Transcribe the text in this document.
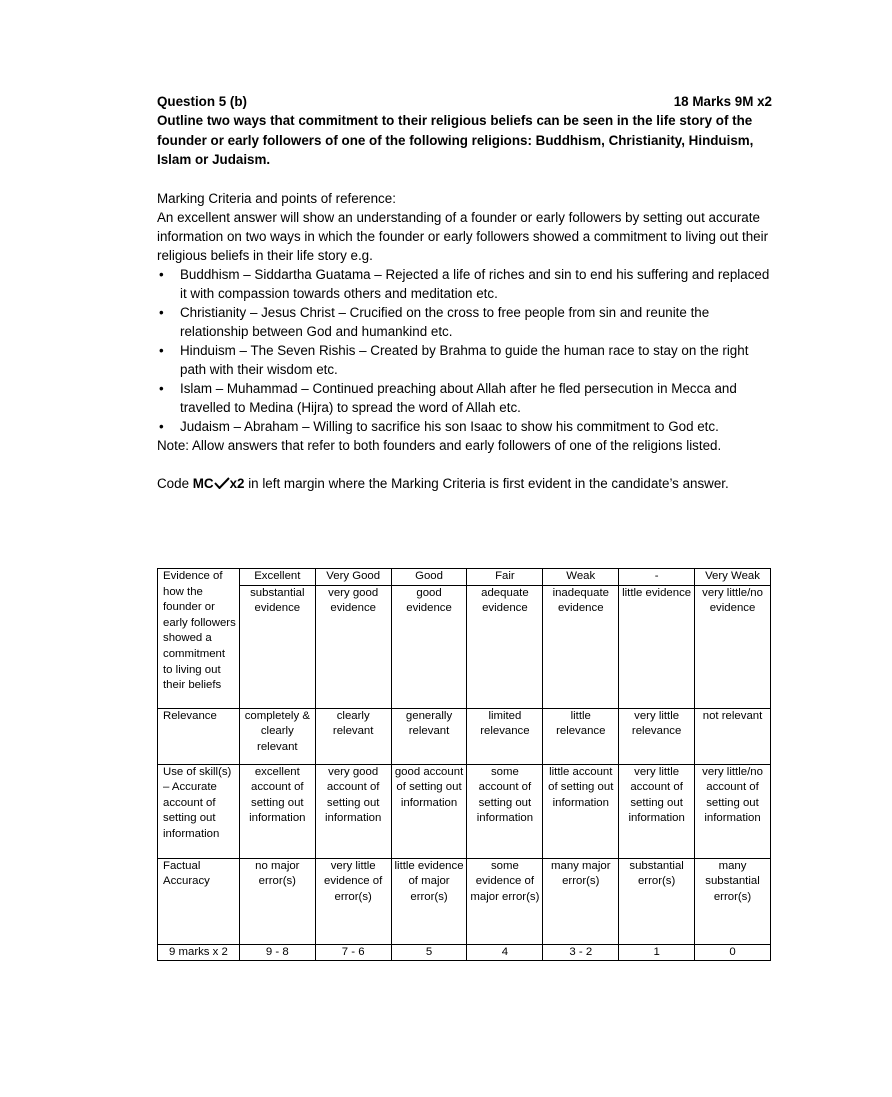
Question 5 (b)	18 Marks 9M x2

Outline two ways that commitment to their religious beliefs can be seen in the life story of the founder or early followers of one of the following religions: Buddhism, Christianity, Hinduism, Islam or Judaism.

Marking Criteria and points of reference:

An excellent answer will show an understanding of a founder or early followers by setting out accurate information on two ways in which the founder or early followers showed a commitment to living out their religious beliefs in their life story e.g.

• Buddhism – Siddartha Guatama – Rejected a life of riches and sin to end his suffering and replaced it with compassion towards others and meditation etc.
• Christianity – Jesus Christ – Crucified on the cross to free people from sin and reunite the relationship between God and humankind etc.
• Hinduism – The Seven Rishis – Created by Brahma to guide the human race to stay on the right path with their wisdom etc.
• Islam – Muhammad – Continued preaching about Allah after he fled persecution in Mecca and travelled to Medina (Hijra) to spread the word of Allah etc.
• Judaism – Abraham – Willing to sacrifice his son Isaac to show his commitment to God etc.

Note: Allow answers that refer to both founders and early followers of one of the religions listed.

Code MC x2 in left margin where the Marking Criteria is first evident in the candidate’s answer.

Evidence of how the founder or early followers showed a commitment to living out their beliefs	Excellent	Very Good	Good	Fair	Weak	-	Very Weak
	substantial evidence	very good evidence	good evidence	adequate evidence	inadequate evidence	little evidence	very little/no evidence
Relevance	completely & clearly relevant	clearly relevant	generally relevant	limited relevance	little relevance	very little relevance	not relevant
Use of skill(s) – Accurate account of setting out information	excellent account of setting out information	very good account of setting out information	good account of setting out information	some account of setting out information	little account of setting out information	very little account of setting out information	very little/no account of setting out information
Factual Accuracy	no major error(s)	very little evidence of error(s)	little evidence of major error(s)	some evidence of major error(s)	many major error(s)	substantial error(s)	many substantial error(s)
9 marks x 2	9 - 8	7 - 6	5	4	3 - 2	1	0
